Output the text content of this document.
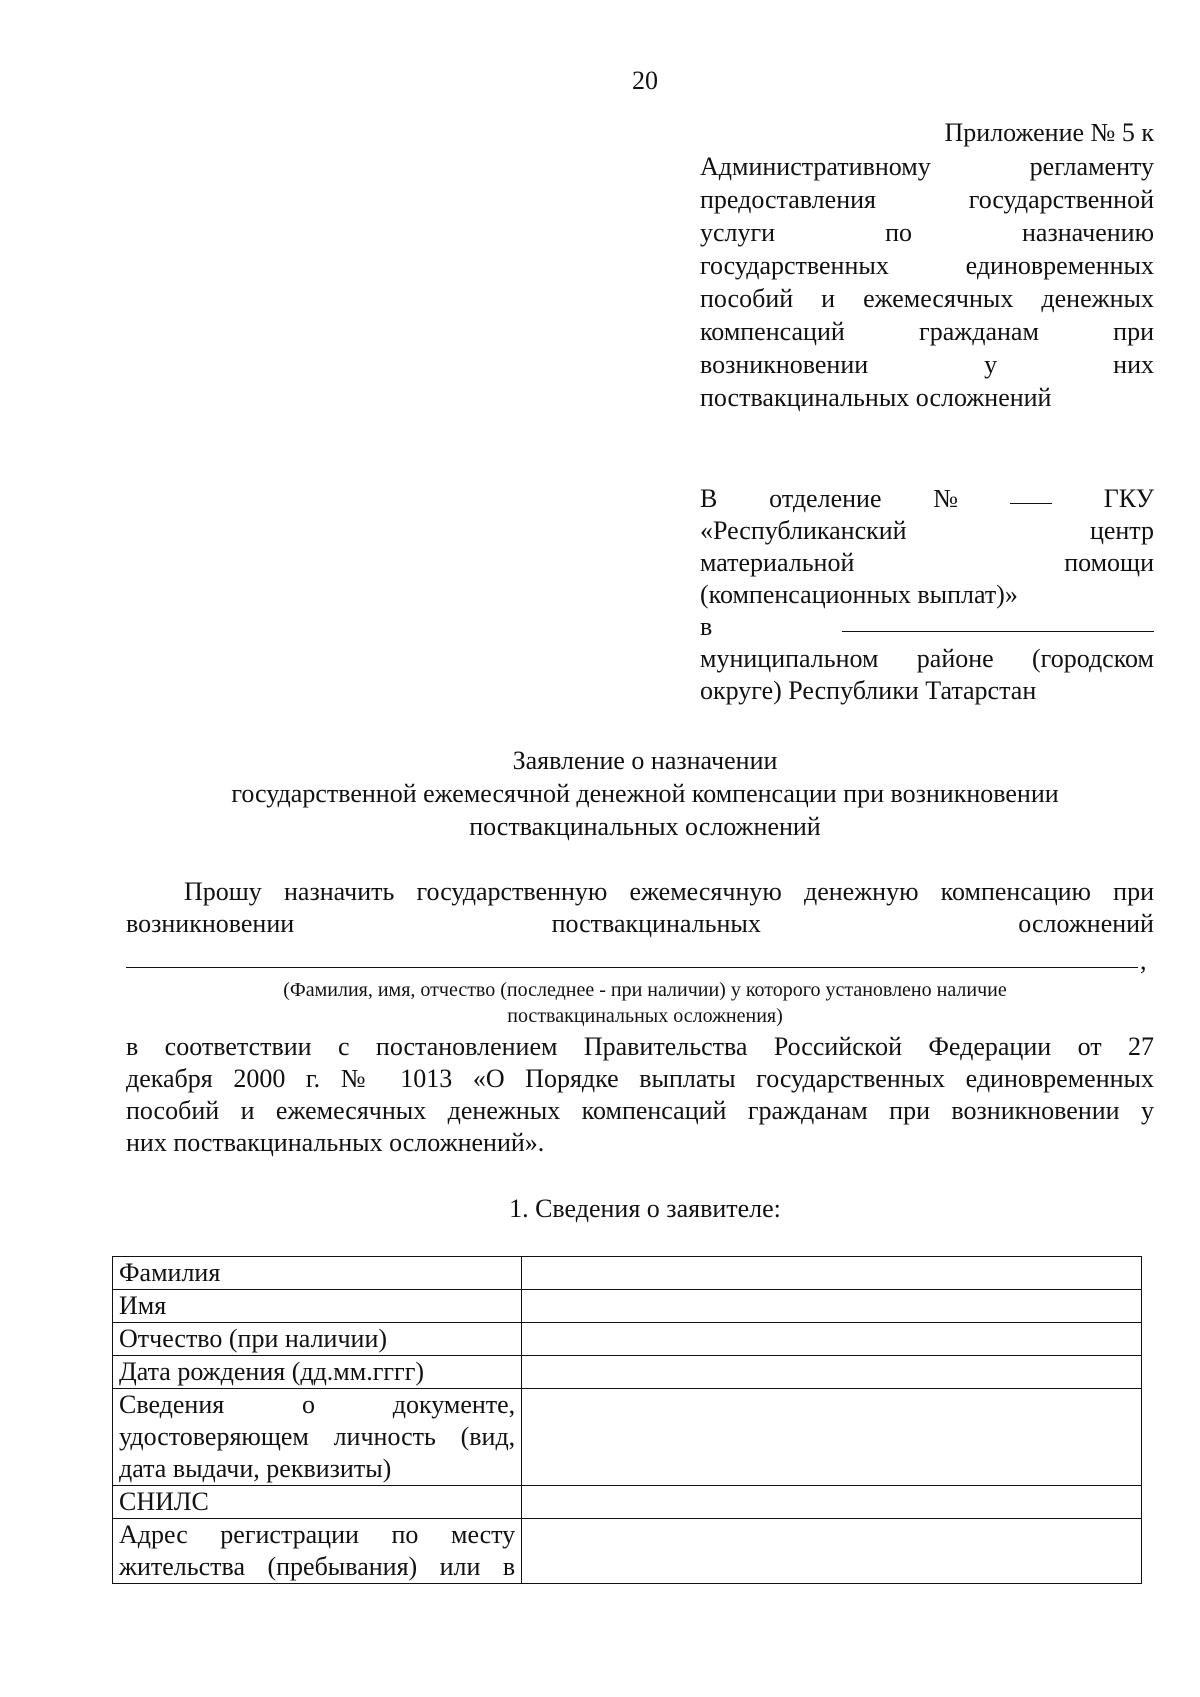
20
Приложение № 5 к
Административному	регламенту
предоставления	государственной
услуги	по	назначению
государственных	единовременных
пособий и ежемесячных денежных
компенсаций	гражданам	при
возникновении	у	них
поствакцинальных осложнений
В отделение №	ГКУ
«Республиканский	центр
материальной	помощи
(компенсационных выплат)»
в
муниципальном районе (городском
округе) Республики Татарстан
Заявление о назначении
государственной ежемесячной денежной компенсации при возникновении
поствакцинальных осложнений
Прошу назначить государственную ежемесячную денежную компенсацию при
возникновении	поствакцинальных	осложнений
,
(Фамилия, имя, отчество (последнее - при наличии) у которого установлено наличие
поствакцинальных осложнения)
в соответствии с постановлением Правительства Российской Федерации от 27
декабря 2000 г. № 1013 «О Порядке выплаты государственных единовременных
пособий и ежемесячных денежных компенсаций гражданам при возникновении у
них поствакцинальных осложнений».
1. Сведения о заявителе:
Фамилия	
Имя	
Отчество (при наличии)	
Дата рождения (дд.мм.гггг)	

Сведения о документе,
удостоверяющем личность (вид,
дата выдачи, реквизиты)	

СНИЛС	

Адрес регистрации по месту
жительства (пребывания) или в	
